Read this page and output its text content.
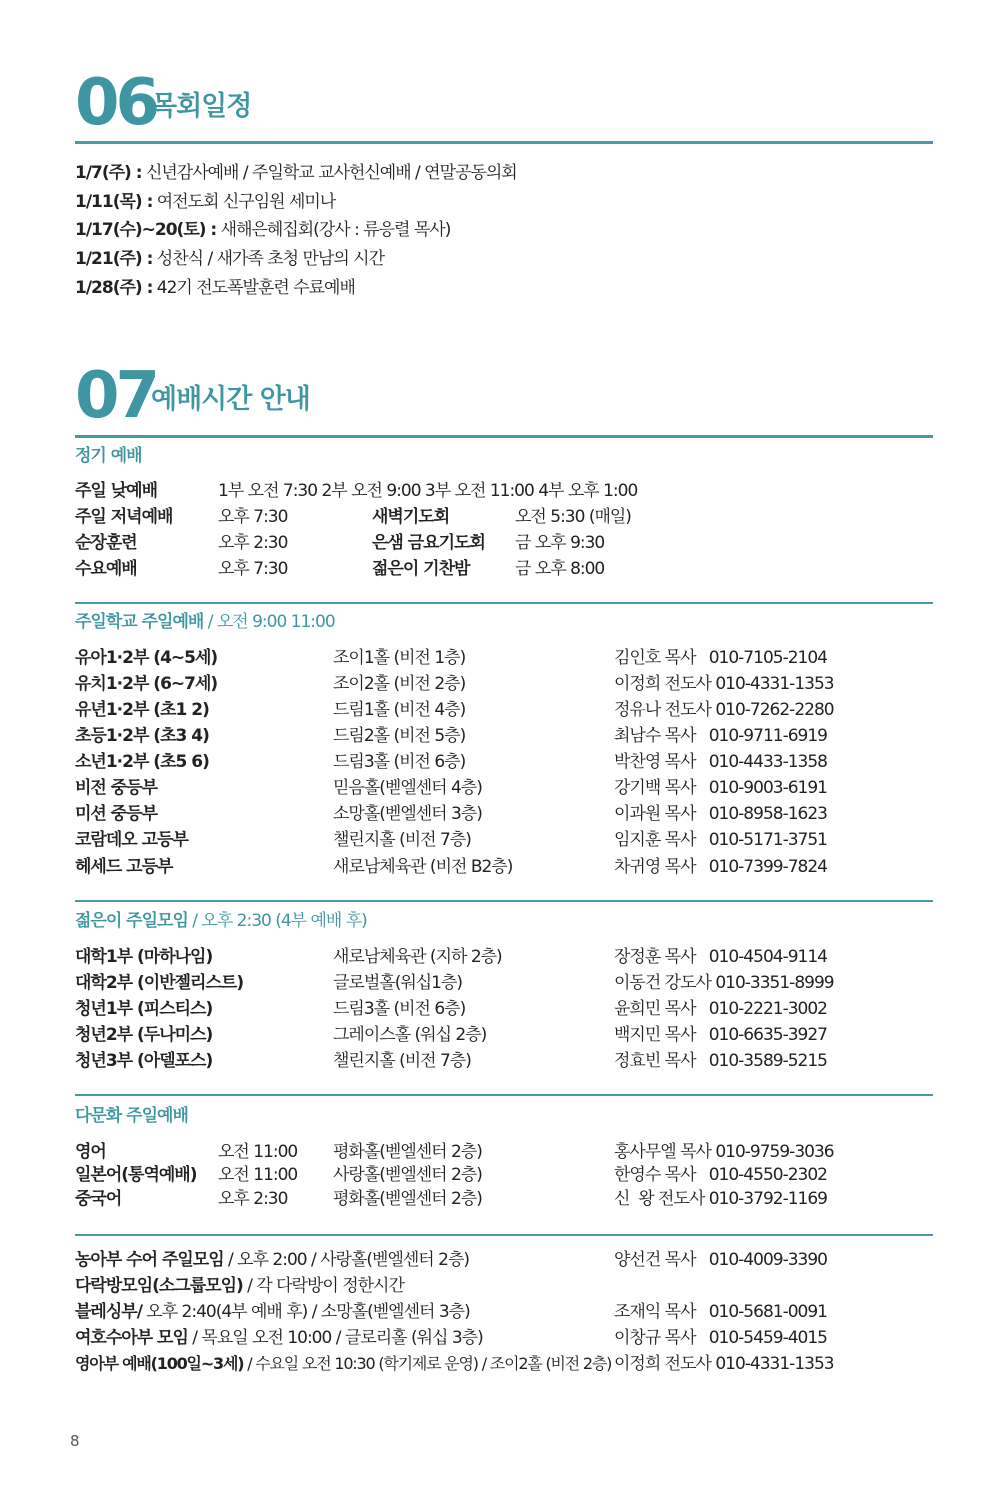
06
목회일정
1/7(주) : 신년감사예배 / 주일학교 교사헌신예배 / 연말공동의회
1/11(목) : 여전도회 신구임원 세미나
1/17(수)~20(토) : 새해은혜집회(강사 : 류응렬 목사)
1/21(주) : 성찬식 / 새가족 초청 만남의 시간
1/28(주) : 42기 전도폭발훈련 수료예배
07
예배시간 안내
정기 예배
주일 낮예배	1부 오전 7:30 2부 오전 9:00 3부 오전 11:00 4부 오후 1:00
주일 저녁예배	오후 7:30	새벽기도회	오전 5:30 (매일)
순장훈련	오후 2:30	은샘 금요기도회 금 오후 9:30
수요예배	오후 7:30	젊은이 기찬밤	금 오후 8:00
주일학교 주일예배 / 오전 9:00 11:00
유아1·2부 (4~5세)	조이1홀 (비전 1층)	김인호 목사   010-7105-2104
유치1·2부 (6~7세)	조이2홀 (비전 2층)	이정희 전도사 010-4331-1353
유년1·2부 (초1 2)	드림1홀 (비전 4층)	정유나 전도사 010-7262-2280
초등1·2부 (초3 4)	드림2홀 (비전 5층)	최남수 목사   010-9711-6919
소년1·2부 (초5 6)	드림3홀 (비전 6층)	박찬영 목사   010-4433-1358
비전 중등부	믿음홀(벧엘센터 4층)	강기백 목사   010-9003-6191
미션 중등부	소망홀(벧엘센터 3층)	이과원 목사   010-8958-1623
코람데오 고등부	챌린지홀 (비전 7층)	임지훈 목사   010-5171-3751
헤세드 고등부	새로남체육관 (비전 B2층)	차귀영 목사   010-7399-7824
젊은이 주일모임 / 오후 2:30 (4부 예배 후)
대학1부 (마하나임)	새로남체육관 (지하 2층)	장정훈 목사   010-4504-9114
대학2부 (이반젤리스트)	글로벌홀(워십1층)	이동건 강도사 010-3351-8999
청년1부 (피스티스)	드림3홀 (비전 6층)	윤희민 목사   010-2221-3002
청년2부 (두나미스)	그레이스홀 (워십 2층)	백지민 목사   010-6635-3927
청년3부 (아델포스)	챌린지홀 (비전 7층)	정효빈 목사   010-3589-5215
다문화 주일예배
영어	오전 11:00 평화홀(벧엘센터 2층)	홍사무엘 목사 010-9759-3036
일본어(통역예배) 오전 11:00 사랑홀(벧엘센터 2층)	한영수 목사   010-4550-2302
중국어	오후 2:30	평화홀(벧엘센터 2층)	신  왕 전도사 010-3792-1169
농아부 수어 주일모임 / 오후 2:00 / 사랑홀(벧엘센터 2층)	양선건 목사   010-4009-3390
다락방모임(소그룹모임) / 각 다락방이 정한시간
블레싱부/ 오후 2:40(4부 예배 후) / 소망홀(벧엘센터 3층)	조재익 목사   010-5681-0091
여호수아부 모임 / 목요일 오전 10:00 / 글로리홀 (워십 3층)	이창규 목사   010-5459-4015
영아부 예배(100일~3세) / 수요일 오전 10:30 (학기제로 운영) / 조이2홀 (비전 2층) 이정희 전도사 010-4331-1353
8
